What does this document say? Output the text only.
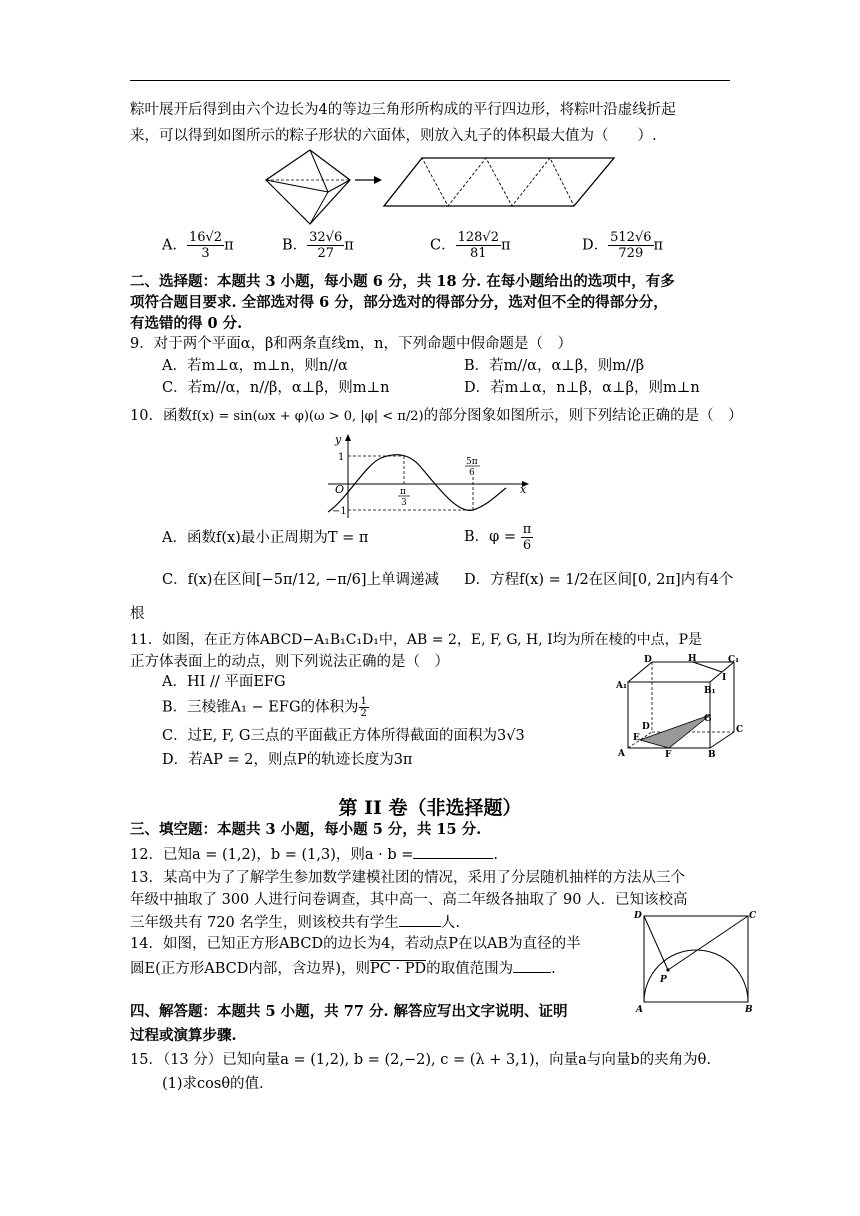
粽叶展开后得到由六个边长为4的等边三角形所构成的平行四边形，将粽叶沿虚线折起
来，可以得到如图所示的粽子形状的六面体，则放入丸子的体积最大值为（　　）.
A． $\frac{16√2}{3}$ π	B． $\frac{32√6}{27}$ π	C． $\frac{128√2}{81}$ π	D． $\frac{512√6}{729}$ π
二、选择题：本题共 3 小题，每小题 6 分，共 18 分. 在每小题给出的选项中，有多
项符合题目要求. 全部选对得 6 分，部分选对的得部分分，选对但不全的得部分分，
有选错的得 0 分.
9．对于两个平面α，β和两条直线m，n，下列命题中假命题是（　）
A．若m⊥α，m⊥n，则n//α	B．若m//α，α⊥β，则m//β
C．若m//α，n//β，α⊥β，则m⊥n	D．若m⊥α，n⊥β，α⊥β，则m⊥n
10．函数f(x) = sin(ωx + φ)(ω > 0, |φ| < π/2)的部分图象如图所示，则下列结论正确的是（　）
y
x
O
1
−1
π
3
5π
6
A．函数f(x)最小正周期为T = π	B．$\varphi = \frac{\pi}{6}$
C．f(x)在区间[−5π/12, −π/6]上单调递减 D．方程f(x) = 1/2在区间[0, 2π]内有4个
根
11．如图，在正方体ABCD−A₁B₁C₁D₁中，AB = 2，E, F, G, H, I均为所在棱的中点，P是
正方体表面上的动点，则下列说法正确的是（　）
A．HI // 平面EFG
B．三棱锥A₁ − EFG的体积为 $\frac{1}{2}$
C．过E, F, G三点的平面截正方体所得截面的面积为3√3
D．若AP = 2，则点P的轨迹长度为3π
D	H	C₁
A₁	B₁
I
D
G
C
E
A	F	B
第 II 卷（非选择题）
三、填空题：本题共 3 小题，每小题 5 分，共 15 分.
12．已知a = (1,2)，b = (1,3)，则a · b =	.
13．某高中为了了解学生参加数学建模社团的情况，采用了分层随机抽样的方法从三个
年级中抽取了 300 人进行问卷调查，其中高一、高二年级各抽取了 90 人．已知该校高
三年级共有 720 名学生，则该校共有学生	人.
14．如图，已知正方形ABCD的边长为4，若动点P在以AB为直径的半
圆E(正方形ABCD内部，含边界)，则PC · PD的取值范围为	.
D	C
P
A	B
四、解答题：本题共 5 小题，共 77 分. 解答应写出文字说明、证明
过程或演算步骤.
15．（13 分）已知向量a = (1,2), b = (2,−2), c = (λ + 3,1)，向量a与向量b的夹角为θ.
(1)求cosθ的值.
